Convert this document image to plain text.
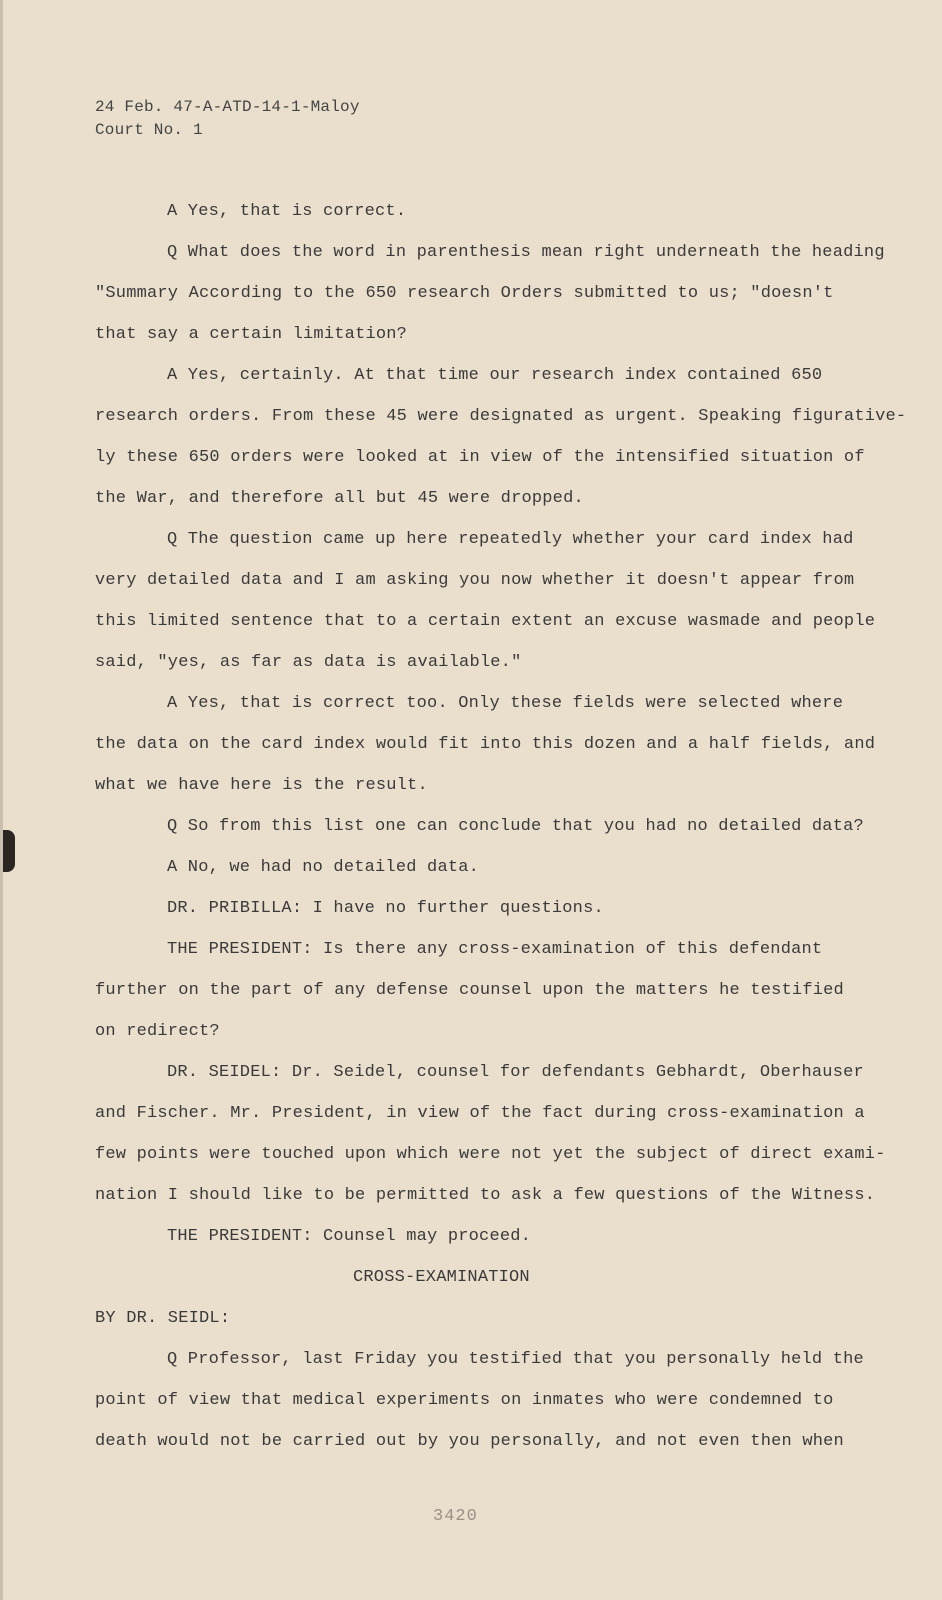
24 Feb. 47-A-ATD-14-1-Maloy
Court No. 1
A Yes, that is correct.
Q What does the word in parenthesis mean right underneath the heading
"Summary According to the 650 research Orders submitted to us; "doesn't
that say a certain limitation?
A Yes, certainly. At that time our research index contained 650
research orders. From these 45 were designated as urgent. Speaking figurative-
ly these 650 orders were looked at in view of the intensified situation of
the War, and therefore all but 45 were dropped.
Q The question came up here repeatedly whether your card index had
very detailed data and I am asking you now whether it doesn't appear from
this limited sentence that to a certain extent an excuse wasmade and people
said, "yes, as far as data is available."
A Yes, that is correct too. Only these fields were selected where
the data on the card index would fit into this dozen and a half fields, and
what we have here is the result.
Q So from this list one can conclude that you had no detailed data?
A No, we had no detailed data.
DR. PRIBILLA: I have no further questions.
THE PRESIDENT: Is there any cross-examination of this defendant
further on the part of any defense counsel upon the matters he testified
on redirect?
DR. SEIDEL: Dr. Seidel, counsel for defendants Gebhardt, Oberhauser
and Fischer. Mr. President, in view of the fact during cross-examination a
few points were touched upon which were not yet the subject of direct exami-
nation I should like to be permitted to ask a few questions of the Witness.
THE PRESIDENT: Counsel may proceed.
CROSS-EXAMINATION
BY DR. SEIDL:
Q Professor, last Friday you testified that you personally held the
point of view that medical experiments on inmates who were condemned to
death would not be carried out by you personally, and not even then when
3420
